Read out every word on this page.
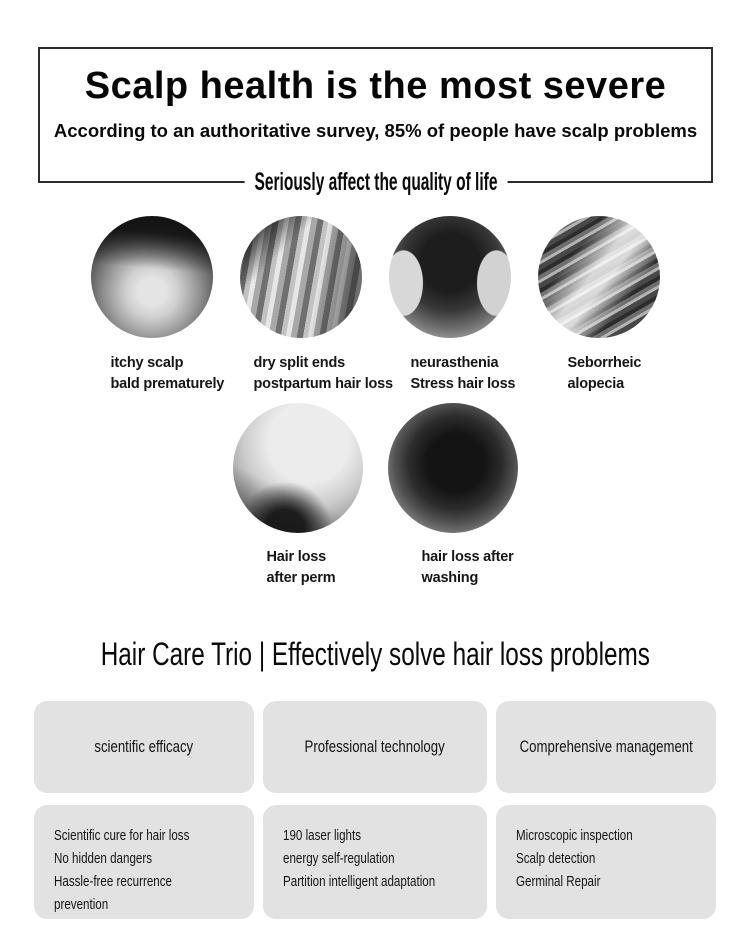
Scalp health is the most severe
According to an authoritative survey, 85% of people have scalp problems
Seriously affect the quality of life
itchy scalp
bald prematurely
dry split ends
postpartum hair loss
neurasthenia
Stress hair loss
Seborrheic
alopecia
Hair loss
after perm
hair loss after
washing
Hair Care Trio | Effectively solve hair loss problems
scientific efficacy	Professional technology	Comprehensive management
Scientific cure for hair loss
No hidden dangers
Hassle-free recurrence
prevention
190 laser lights
energy self-regulation
Partition intelligent adaptation
Microscopic inspection
Scalp detection
Germinal Repair
